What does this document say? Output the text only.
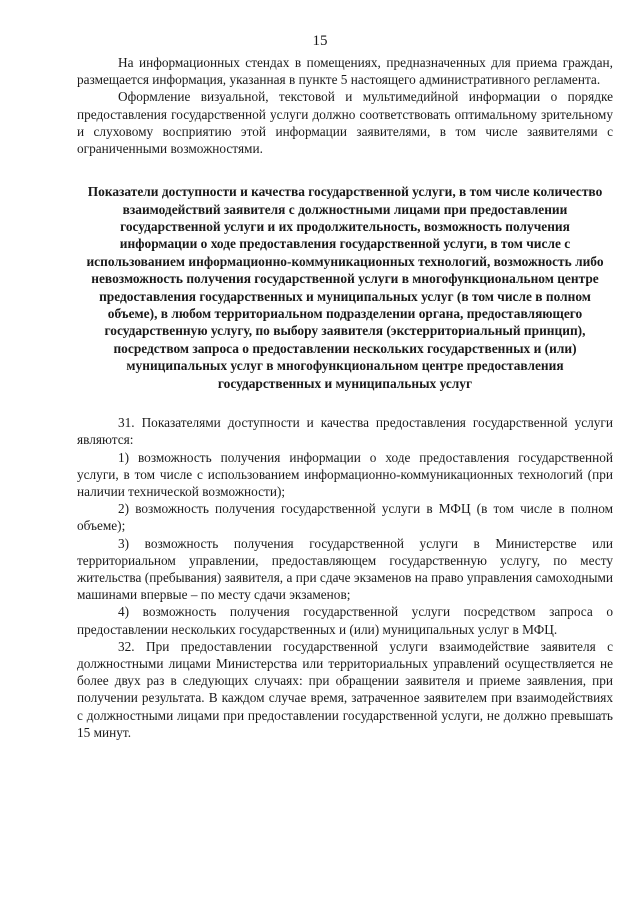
15

На информационных стендах в помещениях, предназначенных для приема граждан, размещается информация, указанная в пункте 5 настоящего административного регламента.

Оформление визуальной, текстовой и мультимедийной информации о порядке предоставления государственной услуги должно соответствовать оптимальному зрительному и слуховому восприятию этой информации заявителями, в том числе заявителями с ограниченными возможностями.

Показатели доступности и качества государственной услуги, в том числе количество взаимодействий заявителя с должностными лицами при предоставлении государственной услуги и их продолжительность, возможность получения информации о ходе предоставления государственной услуги, в том числе с использованием информационно-коммуникационных технологий, возможность либо невозможность получения государственной услуги в многофункциональном центре предоставления государственных и муниципальных услуг (в том числе в полном объеме), в любом территориальном подразделении органа, предоставляющего государственную услугу, по выбору заявителя (экстерриториальный принцип), посредством запроса о предоставлении нескольких государственных и (или) муниципальных услуг в многофункциональном центре предоставления государственных и муниципальных услуг

31. Показателями доступности и качества предоставления государственной услуги являются:

1) возможность получения информации о ходе предоставления государственной услуги, в том числе с использованием информационно-коммуникационных технологий (при наличии технической возможности);

2) возможность получения государственной услуги в МФЦ (в том числе в полном объеме);

3) возможность получения государственной услуги в Министерстве или территориальном управлении, предоставляющем государственную услугу, по месту жительства (пребывания) заявителя, а при сдаче экзаменов на право управления самоходными машинами впервые – по месту сдачи экзаменов;

4) возможность получения государственной услуги посредством запроса о предоставлении нескольких государственных и (или) муниципальных услуг в МФЦ.

32. При предоставлении государственной услуги взаимодействие заявителя с должностными лицами Министерства или территориальных управлений осуществляется не более двух раз в следующих случаях: при обращении заявителя и приеме заявления, при получении результата. В каждом случае время, затраченное заявителем при взаимодействиях с должностными лицами при предоставлении государственной услуги, не должно превышать 15 минут.
